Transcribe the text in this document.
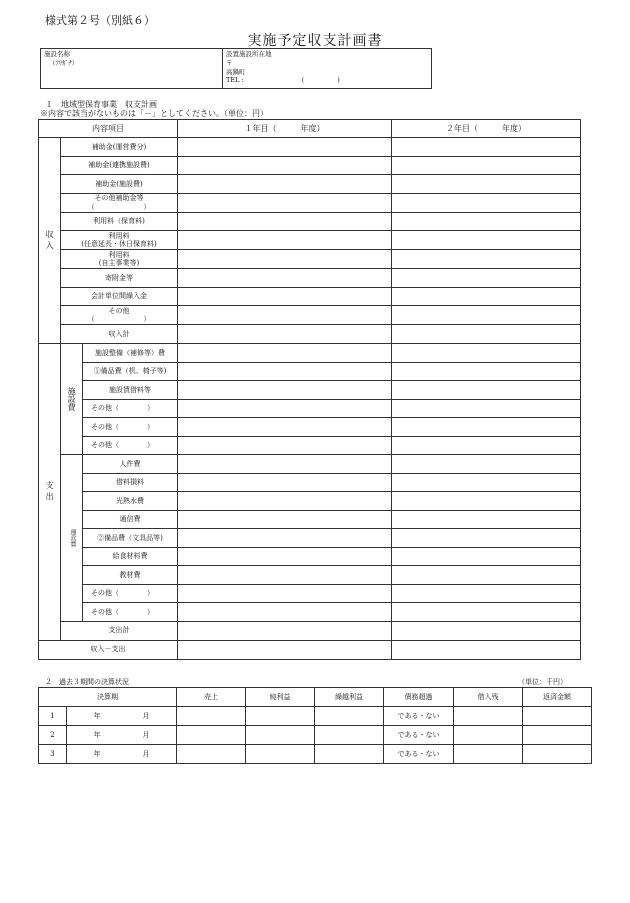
様式第２号（別紙６）
実施予定収支計画書
施設名称
（ﾌﾘｶﾞﾅ）

設置施設所在地
〒
高鍋町
TEL :	(                )
１　地域型保育事業　収支計画
※内容で該当がないものは「－」としてください。（単位：円）
内容項目			１年目（　　　年度）	２年目（　　　年度）

収入	補助金(運営費分)			

	補助金(連携施設費)			

	補助金(施設費)			

	その他補助金等
（　　　　　　　）			

	利用料（保育料)			

	利用料
(任意延長・休日保育料)			

	利用料
(自主事業等)			

	寄附金等			

	会計単位間繰入金			

	その他
（　　　　　　　）			

	収入計			

支出	施設費	施設整備（補修等）費		
		①備品費（机、椅子等)		
		施設賃借料等		
		その他（　　　　）		
		その他（　　　　）		
		その他（　　　　）		

	運営費	人件費		
		借料損料		
		光熱水費		
		通信費		
		②備品費（文具品等)		
		給食材料費		
		教材費		
		その他（　　　　）		
		その他（　　　　）		
	支出計			
収入－支出				
２　過去３期間の決算状況	（単位：千円）
決算期		売上	純利益	繰越利益	債務超過	借入残	返済金額
1	年 月				である・ない		
2	年 月				である・ない		
3	年 月				である・ない		
